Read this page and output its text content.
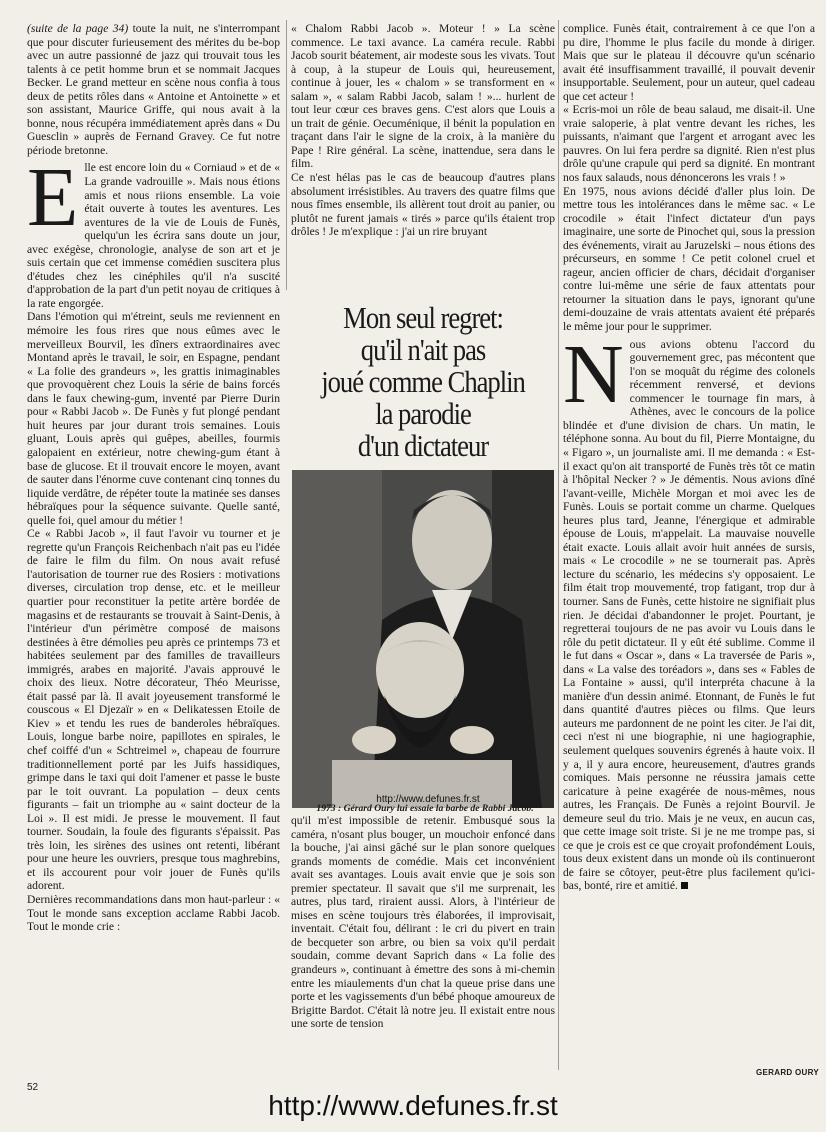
(suite de la page 34) toute la nuit, ne s'interrompant que pour discuter furieusement des mérites du be-bop avec un autre passionné de jazz qui trouvait tous les talents à ce petit homme brun et se nommait Jacques Becker. Le grand metteur en scène nous confia à tous deux de petits rôles dans « Antoine et Antoinette » et son assistant, Maurice Griffe, qui nous avait à la bonne, nous récupéra immédiatement après dans « Du Guesclin » auprès de Fernand Gravey. Ce fut notre période bretonne.

Elle est encore loin du « Corniaud » et de « La grande vadrouille ». Mais nous étions amis et nous riions ensemble. La voie était ouverte à toutes les aventures. Les aventures de la vie de Louis de Funès, quelqu'un les écrira sans doute un jour, avec exégèse, chronologie, analyse de son art et je suis certain que cet immense comédien suscitera plus d'études chez les cinéphiles qu'il n'a suscité d'approbation de la part d'un petit noyau de critiques à la rate engorgée.

Dans l'émotion qui m'étreint, seuls me reviennent en mémoire les fous rires que nous eûmes avec le merveilleux Bourvil, les dîners extraordinaires avec Montand après le travail, le soir, en Espagne, pendant « La folie des grandeurs », les grattis inimaginables que provoquèrent chez Louis la série de bains forcés dans le faux chewing-gum, inventé par Pierre Durin pour « Rabbi Jacob ». De Funès y fut plongé pendant huit heures par jour durant trois semaines. Louis gluant, Louis après qui guêpes, abeilles, fourmis galopaient en extérieur, notre chewing-gum étant à base de glucose. Et il trouvait encore le moyen, avant de sauter dans l'énorme cuve contenant cinq tonnes du liquide verdâtre, de répéter toute la matinée ses danses hébraïques pour la séquence suivante. Quelle santé, quelle foi, quel amour du métier !

Ce « Rabbi Jacob », il faut l'avoir vu tourner et je regrette qu'un François Reichenbach n'ait pas eu l'idée de faire le film du film. On nous avait refusé l'autorisation de tourner rue des Rosiers : motivations diverses, circulation trop dense, etc. et le meilleur quartier pour reconstituer la petite artère bordée de magasins et de restaurants se trouvait à Saint-Denis, à l'intérieur d'un périmètre composé de maisons destinées à être démolies peu après ce printemps 73 et habitées seulement par des familles de travailleurs immigrés, arabes en majorité. J'avais approuvé le choix des lieux. Notre décorateur, Théo Meurisse, était passé par là. Il avait joyeusement transformé le couscous « El Djezaïr » en « Delikatessen Etoile de Kiev » et tendu les rues de banderoles hébraïques. Louis, longue barbe noire, papillotes en spirales, le chef coiffé d'un « Schtreimel », chapeau de fourrure traditionnellement porté par les Juifs hassidiques, grimpe dans le taxi qui doit l'amener et passe le buste par le toit ouvrant. La population – deux cents figurants – fait un triomphe au « saint docteur de la Loi ». Il est midi. Je presse le mouvement. Il faut tourner. Soudain, la foule des figurants s'épaissit. Pas très loin, les sirènes des usines ont retenti, libérant pour une heure les ouvriers, presque tous maghrebins, et ils accourent pour voir jouer de Funès qu'ils adorent.

Dernières recommandations dans mon haut-parleur : « Tout le monde sans exception acclame Rabbi Jacob. Tout le monde crie :

« Chalom Rabbi Jacob ». Moteur ! » La scène commence. Le taxi avance. La caméra recule. Rabbi Jacob sourit béatement, air modeste sous les vivats. Tout à coup, à la stupeur de Louis qui, heureusement, continue à jouer, les « chalom » se transforment en « salam », « salam Rabbi Jacob, salam ! »... hurlent de tout leur cœur ces braves gens. C'est alors que Louis a un trait de génie. Oecuménique, il bénit la population en traçant dans l'air le signe de la croix, à la manière du Pape ! Rire général. La scène, inattendue, sera dans le film.

Ce n'est hélas pas le cas de beaucoup d'autres plans absolument irrésistibles. Au travers des quatre films que nous fîmes ensemble, ils allèrent tout droit au panier, ou plutôt ne furent jamais « tirés » parce qu'ils étaient trop drôles ! Je m'explique : j'ai un rire bruyant

Mon seul regret:
qu'il n'ait pas
joué comme Chaplin
la parodie
d'un dictateur
http://www.defunes.fr.st
1973 : Gérard Oury lui essaie la barbe de Rabbi Jacob.

qu'il m'est impossible de retenir. Embusqué sous la caméra, n'osant plus bouger, un mouchoir enfoncé dans la bouche, j'ai ainsi gâché sur le plan sonore quelques grands moments de comédie. Mais cet inconvénient avait ses avantages. Louis avait envie que je sois son premier spectateur. Il savait que s'il me surprenait, les autres, plus tard, riraient aussi. Alors, à l'intérieur de mises en scène toujours très élaborées, il improvisait, inventait. C'était fou, délirant : le cri du pivert en train de becqueter son arbre, ou bien sa voix qu'il perdait soudain, comme devant Saprich dans « La folie des grandeurs », continuant à émettre des sons à mi-chemin entre les miaulements d'un chat la queue prise dans une porte et les vagissements d'un bébé phoque amoureux de Brigitte Bardot. C'était là notre jeu. Il existait entre nous une sorte de tension

complice. Funès était, contrairement à ce que l'on a pu dire, l'homme le plus facile du monde à diriger. Mais que sur le plateau il découvre qu'un scénario avait été insuffisamment travaillé, il pouvait devenir insupportable. Seulement, pour un auteur, quel cadeau que cet acteur !

« Ecris-moi un rôle de beau salaud, me disait-il. Une vraie saloperie, à plat ventre devant les riches, les puissants, n'aimant que l'argent et arrogant avec les pauvres. On lui fera perdre sa dignité. Rien n'est plus drôle qu'une crapule qui perd sa dignité. En montrant nos faux salauds, nous dénoncerons les vrais ! »

En 1975, nous avions décidé d'aller plus loin. De mettre tous les intolérances dans le même sac. « Le crocodile » était l'infect dictateur d'un pays imaginaire, une sorte de Pinochet qui, sous la pression des événements, virait au Jaruzelski – nous étions des précurseurs, en somme ! Ce petit colonel cruel et rageur, ancien officier de chars, décidait d'organiser contre lui-même une série de faux attentats pour retourner la situation dans le pays, ignorant qu'une demi-douzaine de vrais attentats avaient été préparés le même jour pour le supprimer.

Nous avions obtenu l'accord du gouvernement grec, pas mécontent que l'on se moquât du régime des colonels récemment renversé, et devions commencer le tournage fin mars, à Athènes, avec le concours de la police blindée et d'une division de chars. Un matin, le téléphone sonna. Au bout du fil, Pierre Montaigne, du « Figaro », un journaliste ami. Il me demanda : « Est-il exact qu'on ait transporté de Funès très tôt ce matin à l'hôpital Necker ? » Je démentis. Nous avions dîné l'avant-veille, Michèle Morgan et moi avec les de Funès. Louis se portait comme un charme. Quelques heures plus tard, Jeanne, l'énergique et admirable épouse de Louis, m'appelait. La mauvaise nouvelle était exacte. Louis allait avoir huit années de sursis, mais « Le crocodile » ne se tournerait pas. Après lecture du scénario, les médecins s'y opposaient. Le film était trop mouvementé, trop fatigant, trop dur à tourner. Sans de Funès, cette histoire ne signifiait plus rien. Je décidai d'abandonner le projet. Pourtant, je regretterai toujours de ne pas avoir vu Louis dans le rôle du petit dictateur. Il y eût été sublime. Comme il le fut dans « Oscar », dans « La traversée de Paris », dans « La valse des toréadors », dans ses « Fables de La Fontaine » aussi, qu'il interpréta chacune à la manière d'un dessin animé. Etonnant, de Funès le fut dans quantité d'autres pièces ou films. Que leurs auteurs me pardonnent de ne point les citer. Je l'ai dit, ceci n'est ni une biographie, ni une hagiographie, seulement quelques souvenirs égrenés à haute voix. Il y a, il y aura encore, heureusement, d'autres grands comiques. Mais personne ne réussira jamais cette caricature à peine exagérée de nous-mêmes, nous autres, les Français. De Funès a rejoint Bourvil. Je demeure seul du trio. Mais je ne veux, en aucun cas, que cette image soit triste. Si je ne me trompe pas, si ce que je crois est ce que croyait profondément Louis, tous deux existent dans un monde où ils continueront de faire se côtoyer, peut-être plus facilement qu'ici-bas, bonté, rire et amitié.

52
GERARD OURY
http://www.defunes.fr.st
